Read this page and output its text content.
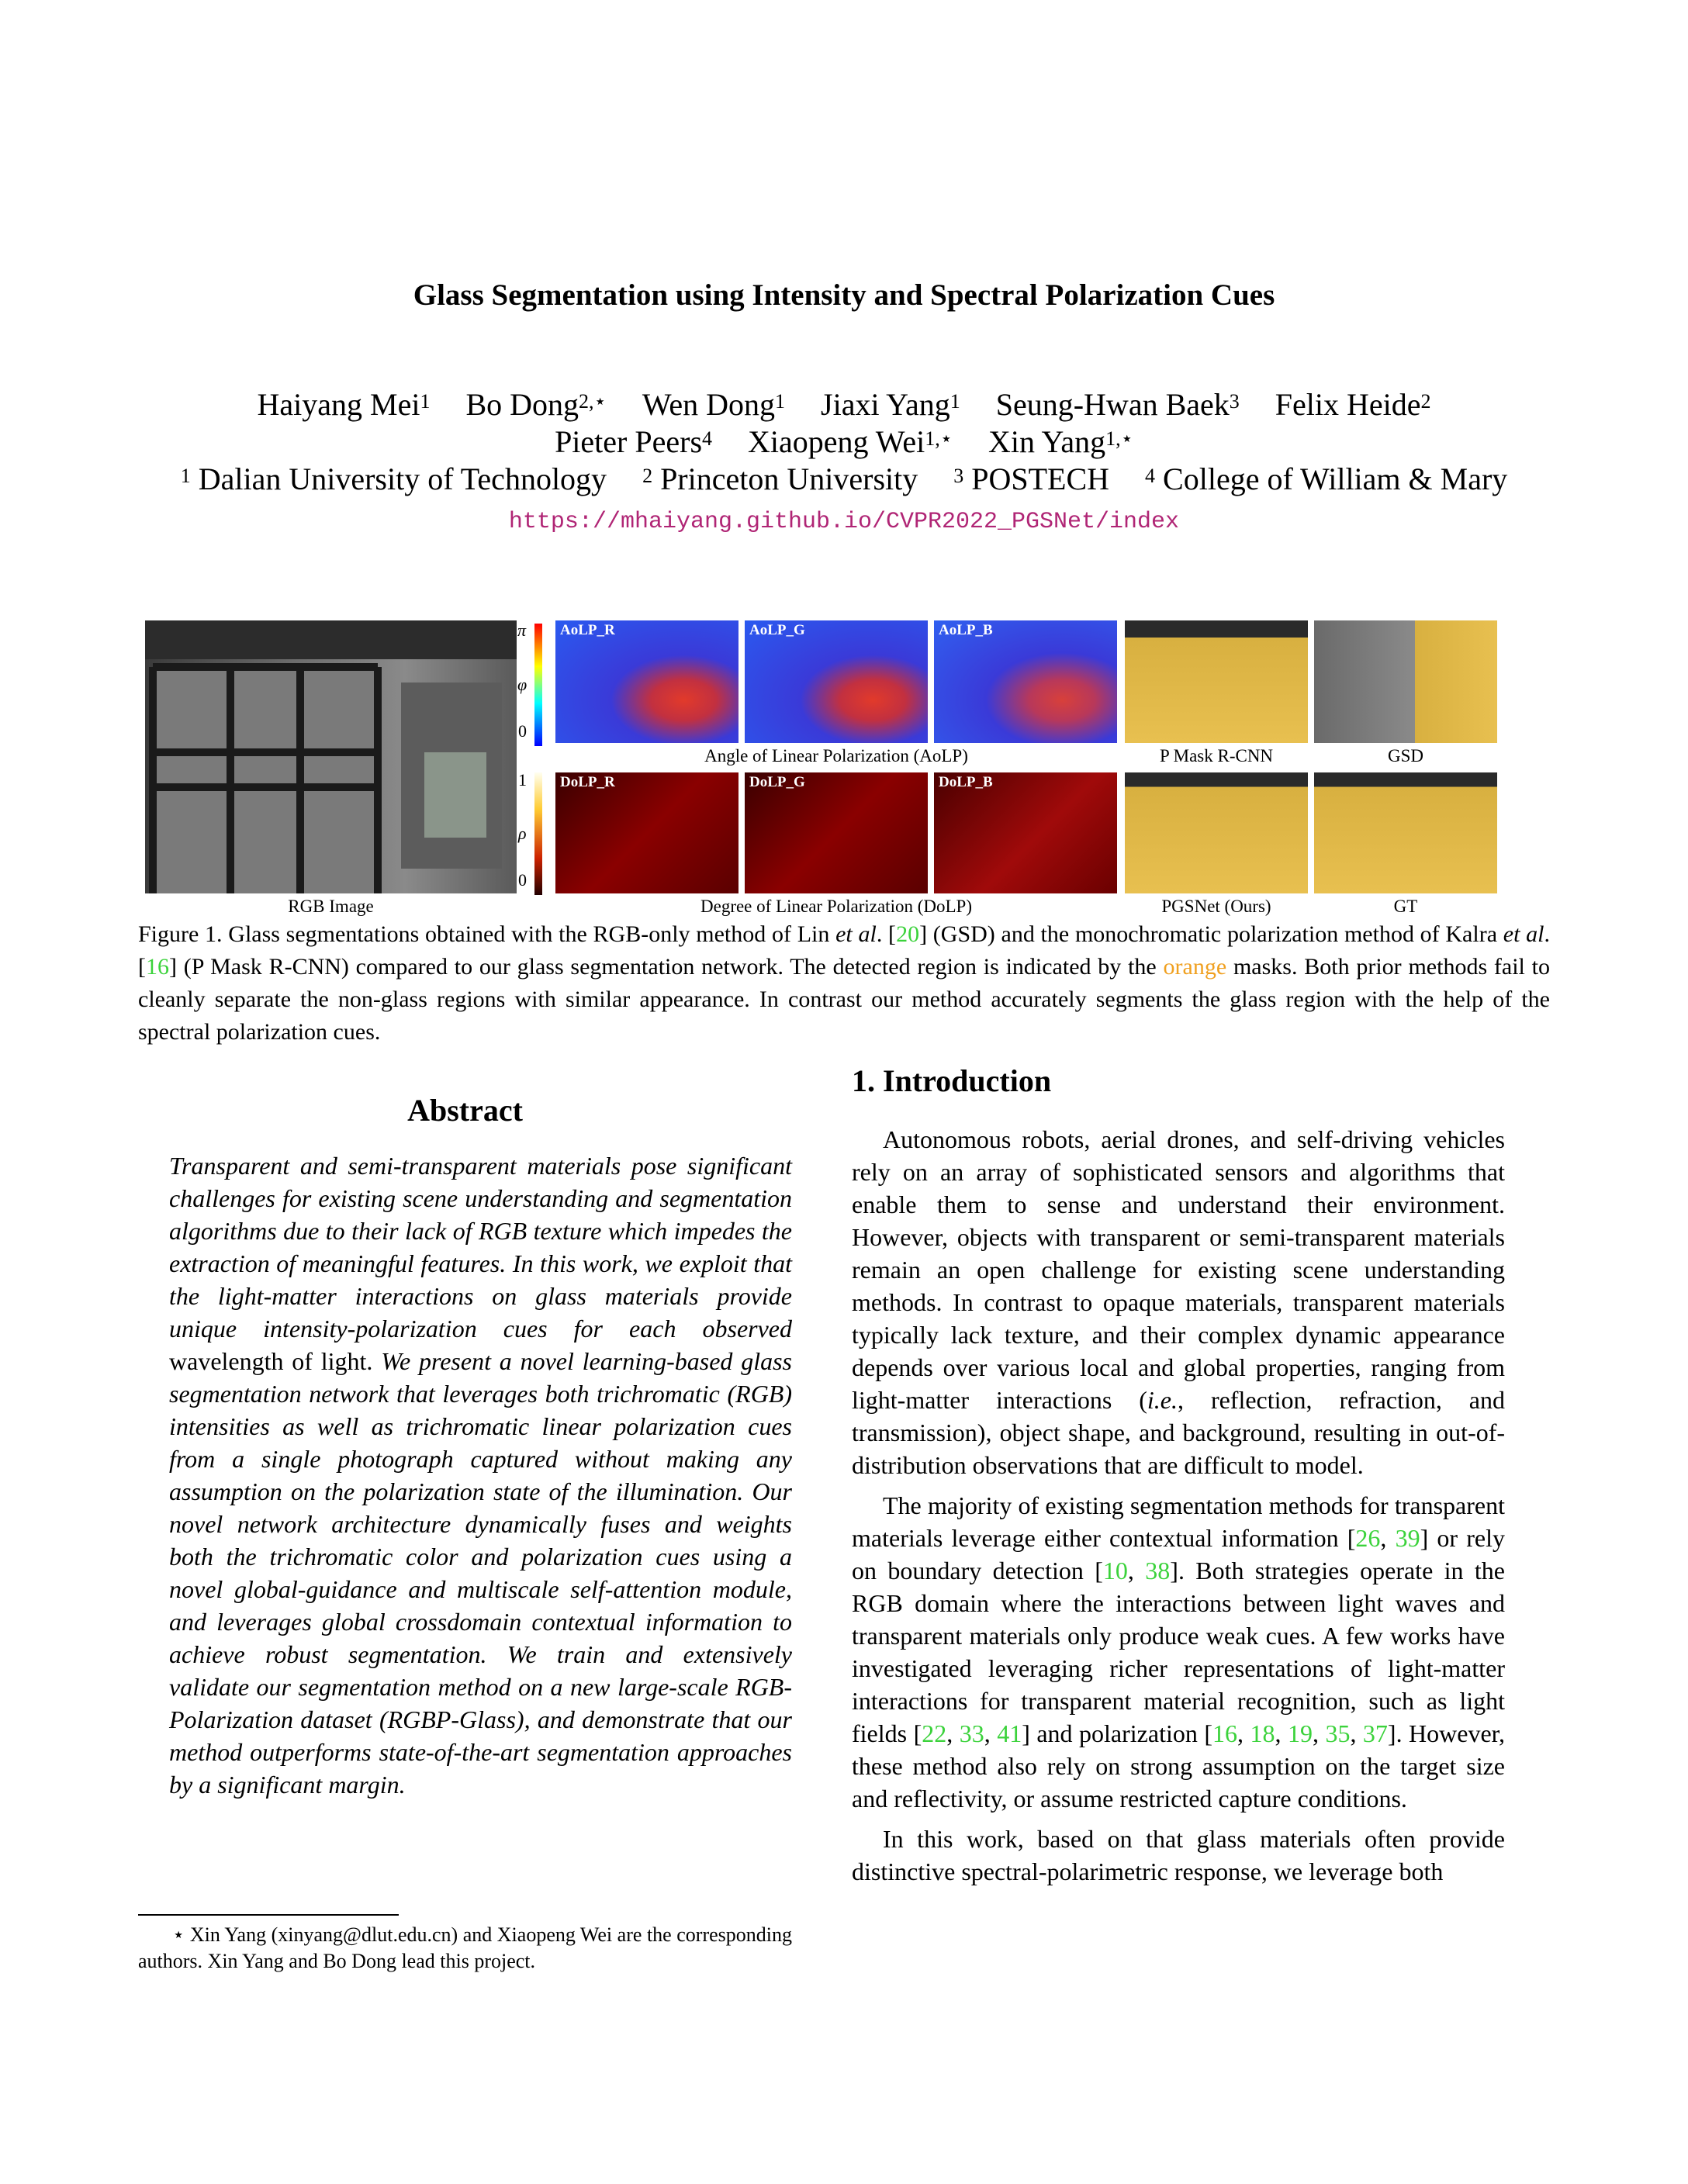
Glass Segmentation using Intensity and Spectral Polarization Cues
Haiyang Mei$^1$ Bo Dong$^{2,⋆}$ Wen Dong$^1$ Jiaxi Yang$^1$ Seung-Hwan Baek$^3$ Felix Heide$^2$
Pieter Peers$^4$ Xiaopeng Wei$^{1,⋆}$ Xin Yang$^{1,⋆}$
$^1$ Dalian University of Technology $^2$ Princeton University $^3$ POSTECH $^4$ College of William & Mary
https://mhaiyang.github.io/CVPR2022_PGSNet/index
RGB Image
π
φ
0
AoLP_R	AoLP_G	AoLP_B
Angle of Linear Polarization (AoLP)	P Mask R-CNN	GSD
1
ρ
0
DoLP_R	DoLP_G	DoLP_B
Degree of Linear Polarization (DoLP)	PGSNet (Ours)	GT
Figure 1. Glass segmentations obtained with the RGB-only method of Lin et al. [20] (GSD) and the monochromatic polarization method of Kalra et al. [16] (P Mask R-CNN) compared to our glass segmentation network. The detected region is indicated by the orange masks. Both prior methods fail to cleanly separate the non-glass regions with similar appearance. In contrast our method accurately segments the glass region with the help of the spectral polarization cues.
Abstract

Transparent and semi-transparent materials pose significant challenges for existing scene understanding and segmentation algorithms due to their lack of RGB texture which impedes the extraction of meaningful features. In this work, we exploit that the light-matter interactions on glass materials provide unique intensity-polarization cues for each observed wavelength of light. We present a novel learning-based glass segmentation network that leverages both trichromatic (RGB) intensities as well as trichromatic linear polarization cues from a single photograph captured without making any assumption on the polarization state of the illumination. Our novel network architecture dynamically fuses and weights both the trichromatic color and polarization cues using a novel global-guidance and multiscale self-attention module, and leverages global crossdomain contextual information to achieve robust segmentation. We train and extensively validate our segmentation method on a new large-scale RGB-Polarization dataset (RGBP-Glass), and demonstrate that our method outperforms state-of-the-art segmentation approaches by a significant margin.

⋆ Xin Yang (xinyang@dlut.edu.cn) and Xiaopeng Wei are the corresponding authors. Xin Yang and Bo Dong lead this project.
1. Introduction

Autonomous robots, aerial drones, and self-driving vehicles rely on an array of sophisticated sensors and algorithms that enable them to sense and understand their environment. However, objects with transparent or semi-transparent materials remain an open challenge for existing scene understanding methods. In contrast to opaque materials, transparent materials typically lack texture, and their complex dynamic appearance depends over various local and global properties, ranging from light-matter interactions (i.e., reflection, refraction, and transmission), object shape, and background, resulting in out-of-distribution observations that are difficult to model.

The majority of existing segmentation methods for transparent materials leverage either contextual information [26, 39] or rely on boundary detection [10, 38]. Both strategies operate in the RGB domain where the interactions between light waves and transparent materials only produce weak cues. A few works have investigated leveraging richer representations of light-matter interactions for transparent material recognition, such as light fields [22, 33, 41] and polarization [16, 18, 19, 35, 37]. However, these method also rely on strong assumption on the target size and reflectivity, or assume restricted capture conditions.

In this work, based on that glass materials often provide distinctive spectral-polarimetric response, we leverage both
